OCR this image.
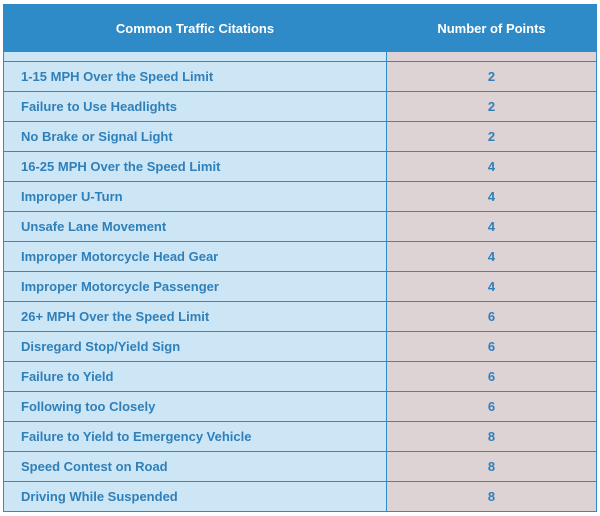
Common Traffic Citations	Number of Points

1-15 MPH Over the Speed Limit	2
Failure to Use Headlights	2
No Brake or Signal Light	2
16-25 MPH Over the Speed Limit	4
Improper U-Turn	4
Unsafe Lane Movement	4
Improper Motorcycle Head Gear	4
Improper Motorcycle Passenger	4
26+ MPH Over the Speed Limit	6
Disregard Stop/Yield Sign	6
Failure to Yield	6
Following too Closely	6
Failure to Yield to Emergency Vehicle	8
Speed Contest on Road	8
Driving While Suspended	8
